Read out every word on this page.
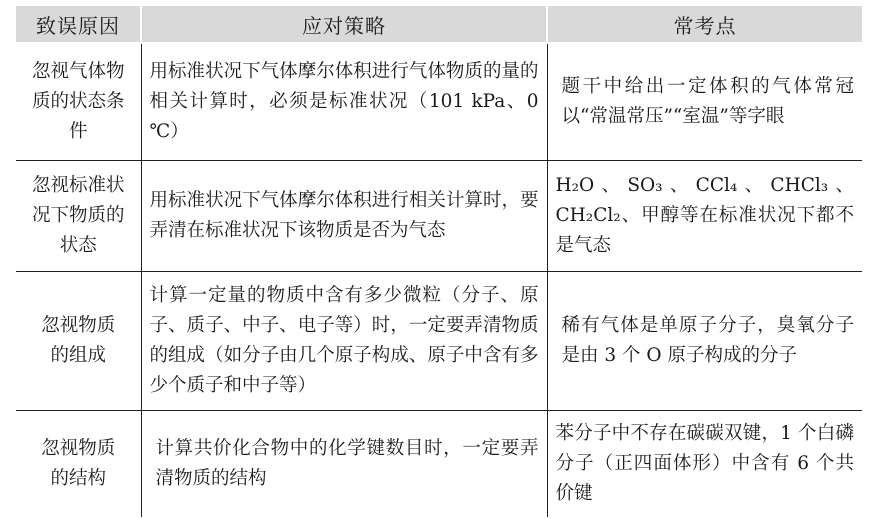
致误原因	应对策略	常考点
忽视气体物质的状态条件	用标准状况下气体摩尔体积进行气体物质的量的相关计算时，必须是标准状况（101 kPa、0 ℃）	题干中给出一定体积的气体常冠以“常温常压”“室温”等字眼
忽视标准状况下物质的状态	用标准状况下气体摩尔体积进行相关计算时，要弄清在标准状况下该物质是否为气态	H₂O、SO₃、CCl₄、CHCl₃、CH₂Cl₂、甲醇等在标准状况下都不是气态
忽视物质的组成	计算一定量的物质中含有多少微粒（分子、原子、质子、中子、电子等）时，一定要弄清物质的组成（如分子由几个原子构成、原子中含有多少个质子和中子等）	稀有气体是单原子分子，臭氧分子是由 3 个 O 原子构成的分子
忽视物质的结构	计算共价化合物中的化学键数目时，一定要弄清物质的结构	苯分子中不存在碳碳双键，1 个白磷分子（正四面体形）中含有 6 个共价键
